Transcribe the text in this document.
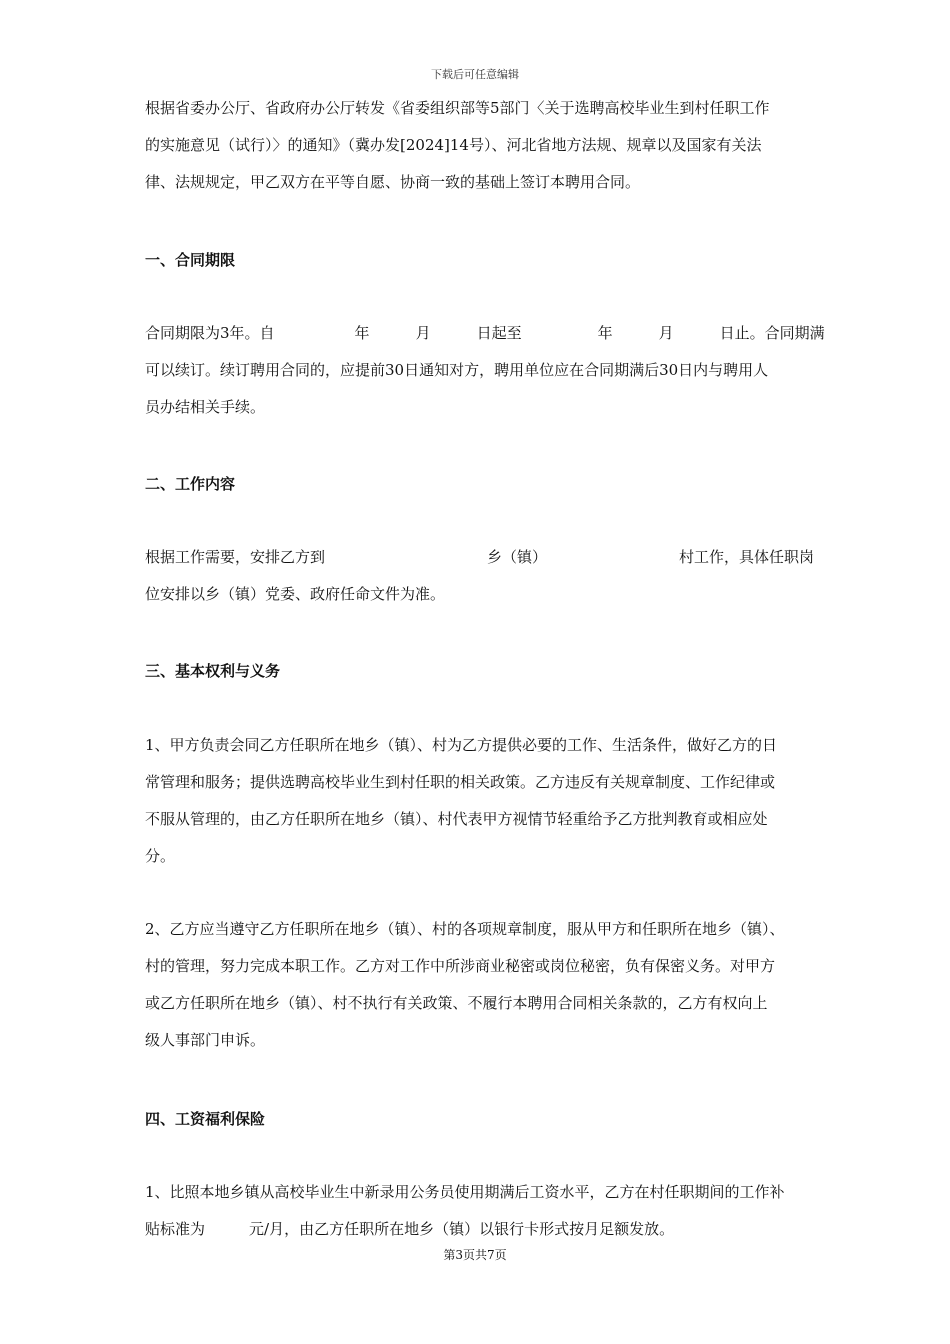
下载后可任意编辑
根据省委办公厅、省政府办公厅转发《省委组织部等5部门〈关于选聘高校毕业生到村任职工作
的实施意见（试行）〉的通知》（冀办发[2024]14号）、河北省地方法规、规章以及国家有关法
律、法规规定，甲乙双方在平等自愿、协商一致的基础上签订本聘用合同。
一、合同期限
合同期限为3年。自	年	月	日起至	年	月	日止。合同期满
可以续订。续订聘用合同的，应提前30日通知对方，聘用单位应在合同期满后30日内与聘用人
员办结相关手续。
二、工作内容
根据工作需要，安排乙方到	乡（镇）	村工作，具体任职岗
位安排以乡（镇）党委、政府任命文件为准。
三、基本权利与义务
1、甲方负责会同乙方任职所在地乡（镇）、村为乙方提供必要的工作、生活条件，做好乙方的日
常管理和服务；提供选聘高校毕业生到村任职的相关政策。乙方违反有关规章制度、工作纪律或
不服从管理的，由乙方任职所在地乡（镇）、村代表甲方视情节轻重给予乙方批判教育或相应处
分。
2、乙方应当遵守乙方任职所在地乡（镇）、村的各项规章制度，服从甲方和任职所在地乡（镇）、
村的管理，努力完成本职工作。乙方对工作中所涉商业秘密或岗位秘密，负有保密义务。对甲方
或乙方任职所在地乡（镇）、村不执行有关政策、不履行本聘用合同相关条款的，乙方有权向上
级人事部门申诉。
四、工资福利保险
1、比照本地乡镇从高校毕业生中新录用公务员使用期满后工资水平，乙方在村任职期间的工作补
贴标准为	元/月，由乙方任职所在地乡（镇）以银行卡形式按月足额发放。
第3页共7页
